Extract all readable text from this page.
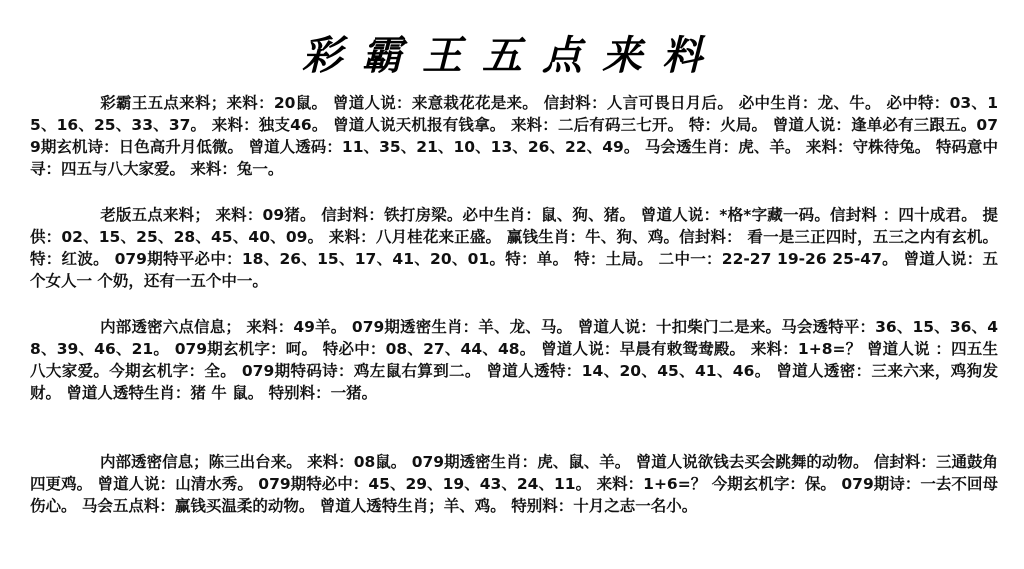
彩霸王五点来料
彩霸王五点来料；来料：20鼠。 曾道人说：来意栽花花是来。 信封料：人言可畏日月后。 必中生肖：龙、牛。 必中特：03、15、16、25、33、37。 来料：独支46。 曾道人说天机报有钱拿。 来料：二后有码三七开。 特：火局。 曾道人说：逢单必有三跟五。079期玄机诗：日色高升月低微。 曾道人透码：11、35、21、10、13、26、22、49。 马会透生肖：虎、羊。 来料：守株待兔。 特码意中寻：四五与八大家爱。 来料：兔一。
老版五点来料； 来料：09猪。 信封料：铁打房梁。必中生肖：鼠、狗、猪。 曾道人说：*格*字藏一码。信封料 ：四十成君。 提供：02、15、25、28、45、40、09。 来料：八月桂花来正盛。 赢钱生肖：牛、狗、鸡。信封料： 看一是三正四时，五三之内有玄机。 特：红波。 079期特平必中：18、26、15、17、41、20、01。特：单。 特：土局。 二中一：22-27 19-26 25-47。 曾道人说：五个女人一 个奶，还有一五个中一。
内部透密六点信息； 来料：49羊。 079期透密生肖：羊、龙、马。 曾道人说：十扣柴门二是来。马会透特平：36、15、36、48、39、46、21。 079期玄机字：呵。 特必中：08、27、44、48。 曾道人说：早晨有敕鸳鸯殿。 来料：1+8=？ 曾道人说 ：四五生八大家爱。今期玄机字：全。 079期特码诗：鸡左鼠右算到二。 曾道人透特：14、20、45、41、46。 曾道人透密：三来六来，鸡狗发财。 曾道人透特生肖：猪 牛 鼠。 特别料：一猪。
内部透密信息；陈三出台来。 来料：08鼠。 079期透密生肖：虎、鼠、羊。 曾道人说欲钱去买会跳舞的动物。 信封料：三通鼓角四更鸡。 曾道人说：山清水秀。 079期特必中：45、29、19、43、24、11。 来料：1+6=？ 今期玄机字：保。 079期诗：一去不回母伤心。 马会五点料：赢钱买温柔的动物。 曾道人透特生肖；羊、鸡。 特别料：十月之志一名小。
